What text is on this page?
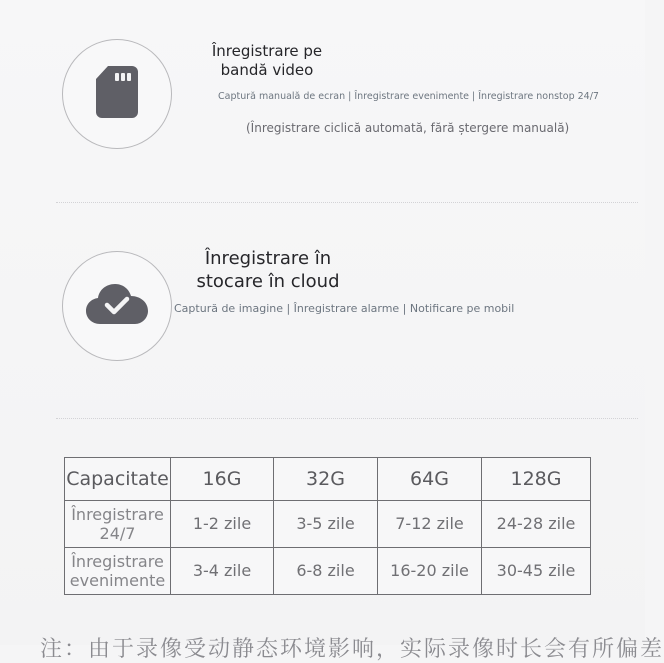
Înregistrare pe
bandă video
Captură manuală de ecran | Înregistrare evenimente | Înregistrare nonstop 24/7
(Înregistrare ciclică automată, fără ștergere manuală)
Înregistrare în
stocare în cloud
Captură de imagine | Înregistrare alarme | Notificare pe mobil
Capacitate	16G	32G	64G	128G
Înregistrare 24/7	1-2 zile	3-5 zile	7-12 zile	24-28 zile
Înregistrare evenimente	3-4 zile	6-8 zile	16-20 zile	30-45 zile
注：由于录像受动静态环境影响，实际录像时长会有所偏差
